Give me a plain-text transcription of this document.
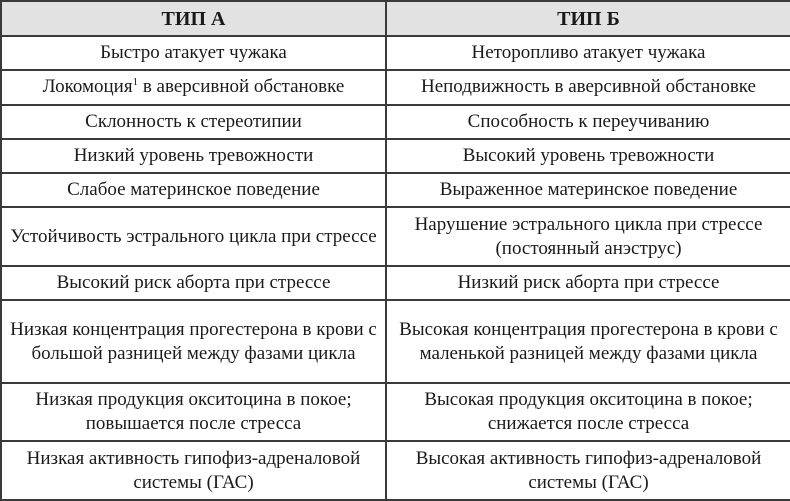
ТИП А	ТИП Б
Быстро атакует чужака	Неторопливо атакует чужака
Локомоция$^1$ в аверсивной обстановке	Неподвижность в аверсивной обстановке
Склонность к стереотипии	Способность к переучиванию
Низкий уровень тревожности	Высокий уровень тревожности
Слабое материнское поведение	Выраженное материнское поведение
Устойчивость эстрального цикла при стрессе	Нарушение эстрального цикла при стрессе (постоянный анэструс)
Высокий риск аборта при стрессе	Низкий риск аборта при стрессе
Низкая концентрация прогестерона в крови с большой разницей между фазами цикла	Высокая концентрация прогестерона в крови с маленькой разницей между фазами цикла
Низкая продукция окситоцина в покое; повышается после стресса	Высокая продукция окситоцина в покое; снижается после стресса
Низкая активность гипофиз-адреналовой системы (ГАС)	Высокая активность гипофиз-адреналовой системы (ГАС)
